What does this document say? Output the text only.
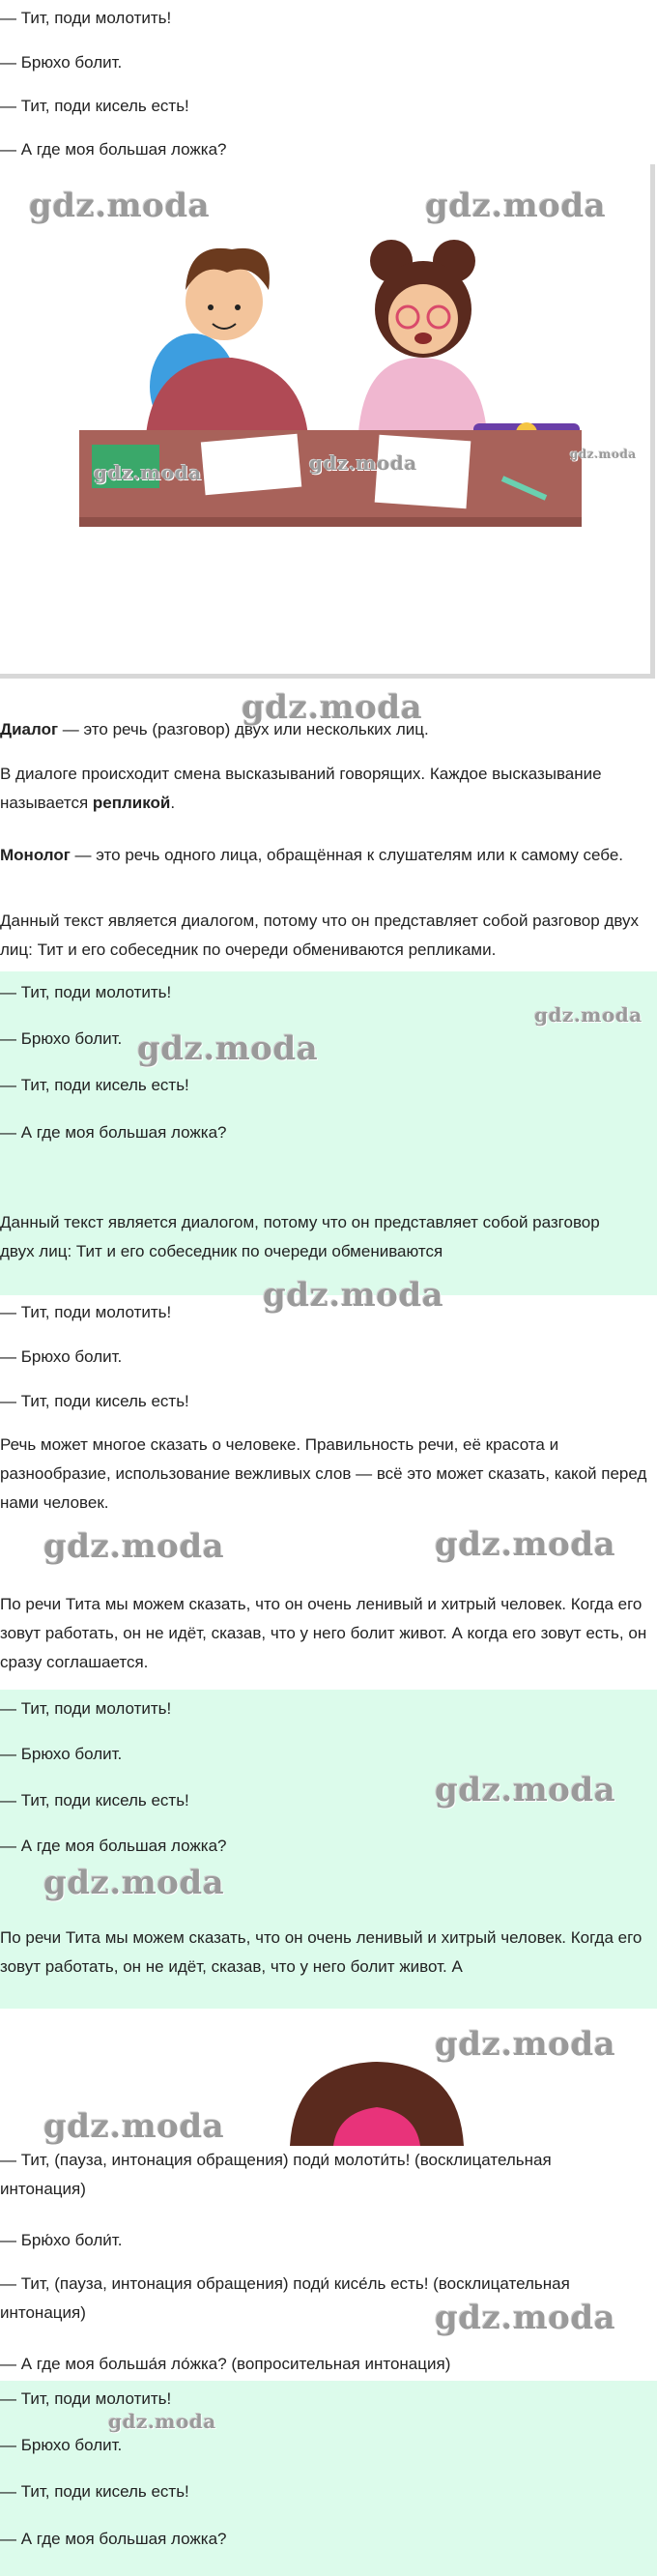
— Тит, поди молотить!

— Брюхо болит.

— Тит, поди кисель есть!

— А где моя большая ложка?

Диалог — это речь (разговор) двух или нескольких лиц.

В диалоге происходит смена высказываний говорящих. Каждое высказывание называется репликой.

Монолог — это речь одного лица, обращённая к слушателям или к самому себе.

Данный текст является диалогом, потому что он представляет собой разговор двух лиц: Тит и его собеседник по очереди обмениваются репликами.

— Тит, поди молотить!

— Брюхо болит.

— Тит, поди кисель есть!

— А где моя большая ложка?

Данный текст является диалогом, потому что он представляет собой разговор двух лиц: Тит и его собеседник по очереди обмениваются

— Тит, поди молотить!

— Брюхо болит.

— Тит, поди кисель есть!

Речь может многое сказать о человеке. Правильность речи, её красота и разнообразие, использование вежливых слов — всё это может сказать, какой перед нами человек.

По речи Тита мы можем сказать, что он очень ленивый и хитрый человек. Когда его зовут работать, он не идёт, сказав, что у него болит живот. А когда его зовут есть, он сразу соглашается.

— Тит, поди молотить!

— Брюхо болит.

— Тит, поди кисель есть!

— А где моя большая ложка?

По речи Тита мы можем сказать, что он очень ленивый и хитрый человек. Когда его зовут работать, он не идёт, сказав, что у него болит живот. А

— Тит, (пауза, интонация обращения) поди́ молоти́ть! (восклицательная интонация)

— Брю́хо боли́т.

— Тит, (пауза, интонация обращения) поди́ кисе́ль есть! (восклицательная интонация)

— А где моя больша́я ло́жка? (вопросительная интонация)

— Тит, поди молотить!

— Брюхо болит.

— Тит, поди кисель есть!

— А где моя большая ложка?

gdz.moda	gdz.moda
gdz.moda	gdz.moda	gdz.moda
gdz.moda
gdz.moda
gdz.moda
gdz.moda
gdz.moda	gdz.moda
gdz.moda
gdz.moda
gdz.moda
gdz.moda
gdz.moda
gdz.moda
